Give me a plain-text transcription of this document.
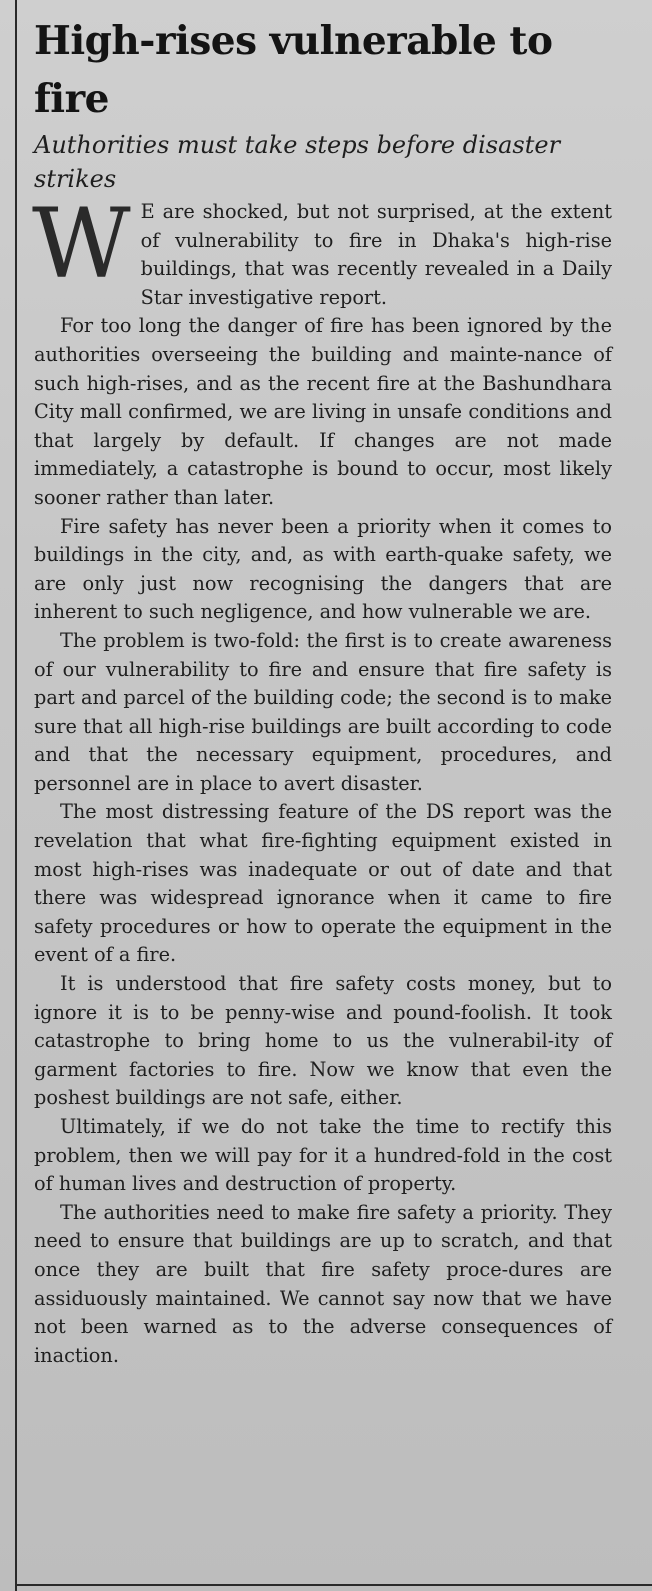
High-rises vulnerable to fire
Authorities must take steps before disaster strikes

W E are shocked, but not surprised, at the extent of vulnerability to fire in Dhaka's high-rise buildings, that was recently revealed in a Daily Star investigative report.

For too long the danger of fire has been ignored by the authorities overseeing the building and mainte-nance of such high-rises, and as the recent fire at the Bashundhara City mall confirmed, we are living in unsafe conditions and that largely by default. If changes are not made immediately, a catastrophe is bound to occur, most likely sooner rather than later.

Fire safety has never been a priority when it comes to buildings in the city, and, as with earth-quake safety, we are only just now recognising the dangers that are inherent to such negligence, and how vulnerable we are.

The problem is two-fold: the first is to create awareness of our vulnerability to fire and ensure that fire safety is part and parcel of the building code; the second is to make sure that all high-rise buildings are built according to code and that the necessary equipment, procedures, and personnel are in place to avert disaster.

The most distressing feature of the DS report was the revelation that what fire-fighting equipment existed in most high-rises was inadequate or out of date and that there was widespread ignorance when it came to fire safety procedures or how to operate the equipment in the event of a fire.

It is understood that fire safety costs money, but to ignore it is to be penny-wise and pound-foolish. It took catastrophe to bring home to us the vulnerabil-ity of garment factories to fire. Now we know that even the poshest buildings are not safe, either.

Ultimately, if we do not take the time to rectify this problem, then we will pay for it a hundred-fold in the cost of human lives and destruction of property.

The authorities need to make fire safety a priority. They need to ensure that buildings are up to scratch, and that once they are built that fire safety proce-dures are assiduously maintained. We cannot say now that we have not been warned as to the adverse consequences of inaction.
